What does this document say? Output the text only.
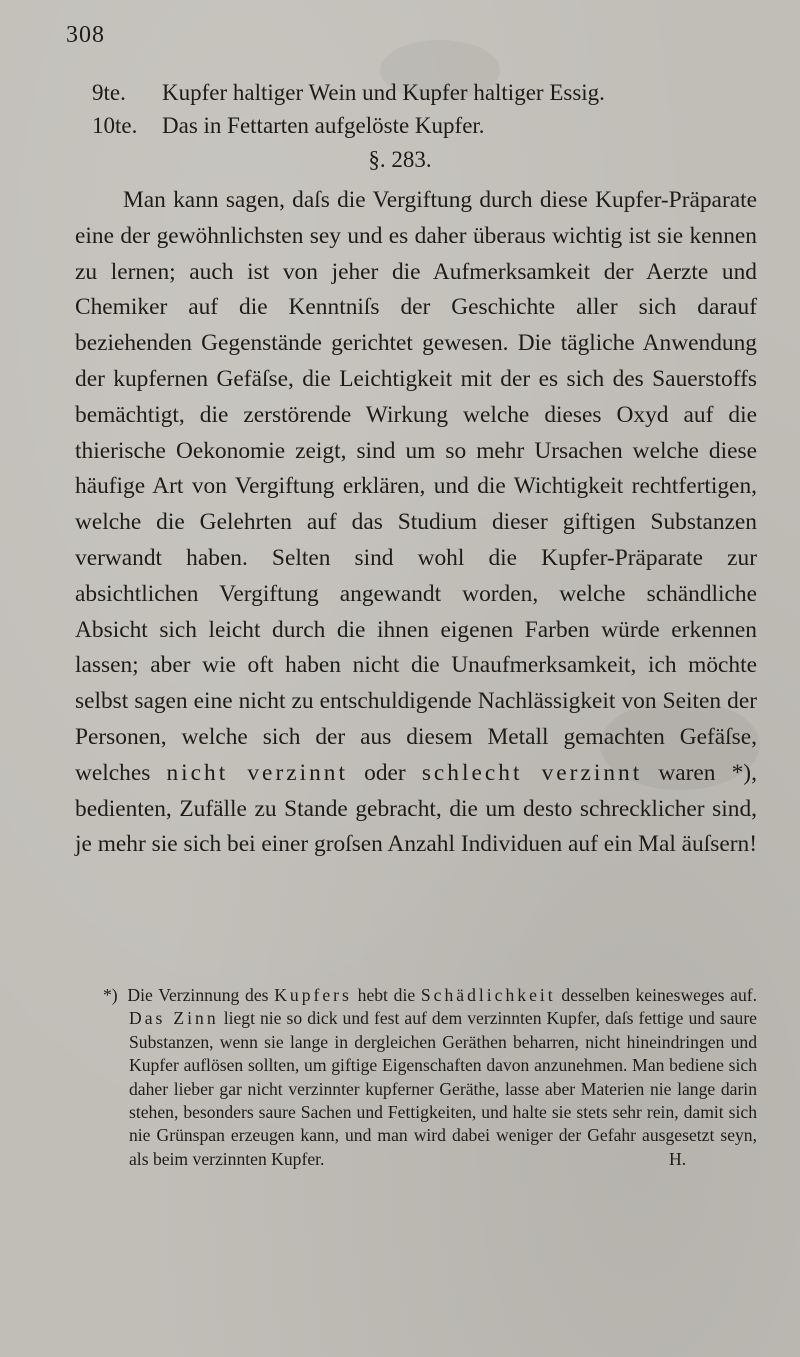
308
9te. Kupfer haltiger Wein und Kupfer haltiger Essig.
10te. Das in Fettarten aufgelöste Kupfer.
§. 283.

Man kann sagen, daſs die Vergiftung durch diese Kupfer-Präparate eine der gewöhnlichsten sey und es daher überaus wichtig ist sie kennen zu lernen; auch ist von jeher die Aufmerksamkeit der Aerzte und Chemiker auf die Kenntniſs der Geschichte aller sich darauf beziehenden Gegenstände gerichtet gewesen. Die tägliche Anwendung der kupfernen Gefäſse, die Leichtigkeit mit der es sich des Sauerstoffs bemächtigt, die zerstörende Wirkung welche dieses Oxyd auf die thierische Oekonomie zeigt, sind um so mehr Ursachen welche diese häufige Art von Vergiftung erklären, und die Wichtigkeit rechtfertigen, welche die Gelehrten auf das Studium dieser giftigen Substanzen verwandt haben. Selten sind wohl die Kupfer-Präparate zur absichtlichen Vergiftung angewandt worden, welche schändliche Absicht sich leicht durch die ihnen eigenen Farben würde erkennen lassen; aber wie oft haben nicht die Unaufmerksamkeit, ich möchte selbst sagen eine nicht zu entschuldigende Nachlässigkeit von Seiten der Personen, welche sich der aus diesem Metall gemachten Gefäſse, welches nicht verzinnt oder schlecht verzinnt waren *), bedienten, Zufälle zu Stande gebracht, die um desto schrecklicher sind, je mehr sie sich bei einer groſsen Anzahl Individuen auf ein Mal äuſsern!

*) Die Verzinnung des Kupfers hebt die Schädlichkeit desselben keinesweges auf. Das Zinn liegt nie so dick und fest auf dem verzinnten Kupfer, daſs fettige und saure Substanzen, wenn sie lange in dergleichen Geräthen beharren, nicht hineindringen und Kupfer auflösen sollten, um giftige Eigenschaften davon anzunehmen. Man bediene sich daher lieber gar nicht verzinnter kupferner Geräthe, lasse aber Materien nie lange darin stehen, besonders saure Sachen und Fettigkeiten, und halte sie stets sehr rein, damit sich nie Grünspan erzeugen kann, und man wird dabei weniger der Gefahr ausgesetzt seyn, als beim verzinnten Kupfer.	H.
